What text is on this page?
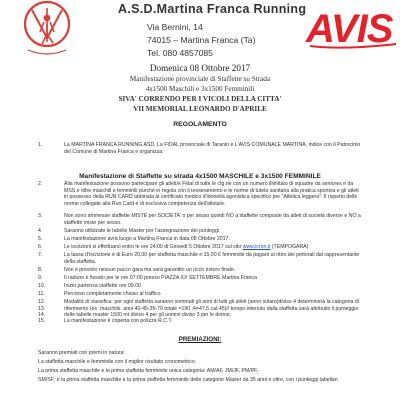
A.S.D.Martina Franca Running
Via Bernini, 14
74015 – Martina Franca (Ta)
Tel. 080 4857085
AVIS
Domenica 08 Ottobre 2017
Manifestazione provinciale di Staffette su Strada
4x1500 Maschili e 3x1500 Femminili
SIVA' CORRENDO PER I VICOLI DELLA CITTA'
VII MEMORIAL LEONARDO D'APRILE
REGOLAMENTO
1.	La MARTINA FRANCA RUNNING ASD, La FIDAL provinciale di Taranto e L'AVIS COMUNALE MARTINA, indice con il Patrocinio del Comune di Martina Franca e organizza:
Manifestazione di Staffette su strada 4x1500 MASCHILE e 3x1500 FEMMINILE
2.	Alla manifestazione possono partecipare gli atleti/e Fidal di tutte le ctg.rie con un numero illimitato di squadre da seniores e da MSS e oltre maschili e femminili purché in regola con il tesseramento e le norme di tutela sanitaria alla pratica sportiva e gli atleti in possesso della RUN CARD abbinata al certificato medico d'idoneità agonistica specifico per "Atletica leggera". Il rispetto delle norme collegate alla Run Card e di esclusiva competenza dell'atleta/e.
3.	Non sono ammesse staffette MISTE per SOCIETA' o per sesso quindi NO a staffette composte da atleti di società diverse e NO a staffette miste per sesso.
4.	Saranno utilizzate le tabelle Master per l'assegnazione dei punteggi
5.	La manifestazione avrà luogo a Martina Franca in data 08 Ottobre 2017.
6.	Le iscrizioni si effettuano entro le ore 24:00 di Giovedì 5 Ottobre 2017 sul sito www.icron.it (TEMPOGARA)
7.	La tassa d'iscrizione è di Euro 20,00 per staffetta maschile e 15,00 € femminile da pagare al ritiro dei pettorali dal rappresentante della staffetta.
8.	Non è previsto nessun pacco gara ma sarà garantito un ricco ristoro finale.
9.	Il raduno è fissato per le ore 07:00 presso PIAZZA XX SETTEMBRE Martina Franca
10.	Inizio partenza staffette ore 09.00
11.	Percorso completamente chiuso al traffico
12.	Modalità di classifica: per ogni staffetta saranno sommati gli anni di tutti gli atleti (anno solare)diviso 4 determinerà la categoria di riferimento (es .maschile .anni 40-45-35-70 totale =190 :4=47,5 cat.45)// tempo ottenuto dalla staffetta sarà attribuito il punteggio delle tabelle master 1500 mt diviso 4 per gli uomini diviso 3 per le donne.
13.
14.
15.	La manifestazione è coperta con polizza R.C.T.
PREMIAZIONI:
Saranno premiati con premi in natura:
La staffetta maschile e femminile con il miglior risultato cronometrico
La prima staffetta maschile e la prima staffetta femminile unica categoria: AM/AF, JM/JF, PM/PF,
SM/SF; e la prima staffetta maschile e la prima staffetta femminile delle categorie Master da 35 anni e oltre, con i punteggi tabellari
